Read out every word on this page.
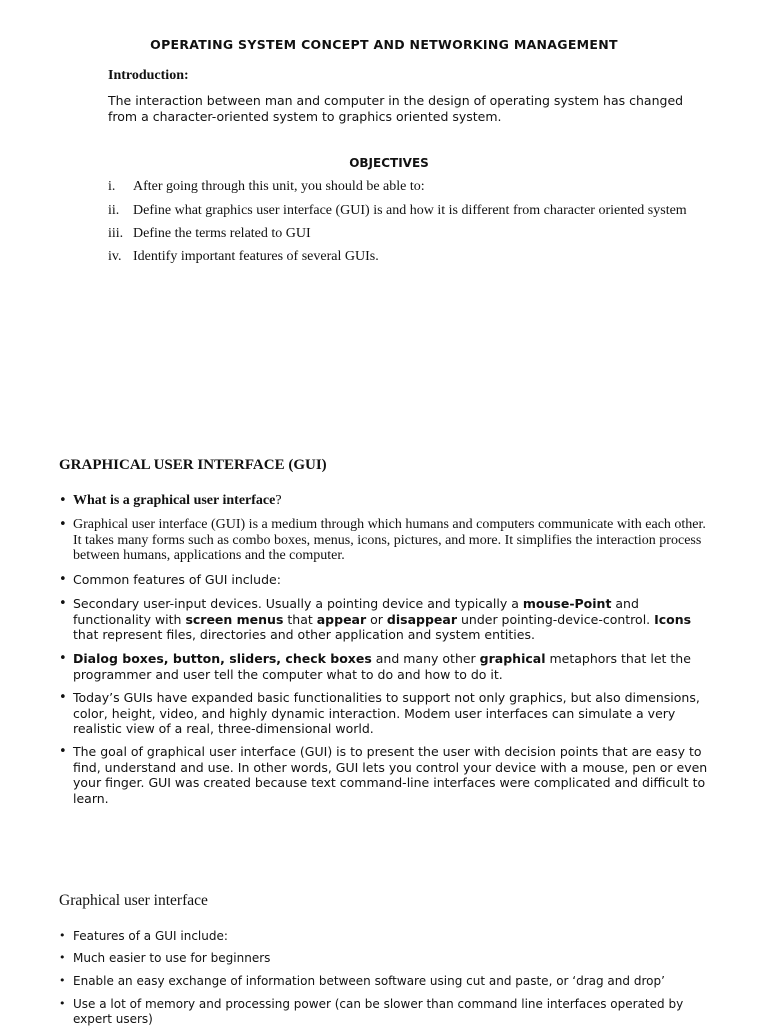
OPERATING SYSTEM CONCEPT AND NETWORKING MANAGEMENT
Introduction:
The interaction between man and computer in the design of operating system has changed from a character-oriented system to graphics oriented system.
OBJECTIVES
i. After going through this unit, you should be able to:
ii. Define what graphics user interface (GUI) is and how it is different from character oriented system
iii. Define the terms related to GUI
iv. Identify important features of several GUIs.
GRAPHICAL USER INTERFACE (GUI)
• What is a graphical user interface?
• Graphical user interface (GUI) is a medium through which humans and computers communicate with each other. It takes many forms such as combo boxes, menus, icons, pictures, and more. It simplifies the interaction process between humans, applications and the computer.
• Common features of GUI include:
• Secondary user-input devices. Usually a pointing device and typically a mouse-Point and functionality with screen menus that appear or disappear under pointing-device-control. Icons that represent files, directories and other application and system entities.
• Dialog boxes, button, sliders, check boxes and many other graphical metaphors that let the programmer and user tell the computer what to do and how to do it.
• Today’s GUIs have expanded basic functionalities to support not only graphics, but also dimensions, color, height, video, and highly dynamic interaction. Modem user interfaces can simulate a very realistic view of a real, three-dimensional world.
• The goal of graphical user interface (GUI) is to present the user with decision points that are easy to find, understand and use. In other words, GUI lets you control your device with a mouse, pen or even your finger. GUI was created because text command-line interfaces were complicated and difficult to learn.
Graphical user interface
• Features of a GUI include:
• Much easier to use for beginners
• Enable an easy exchange of information between software using cut and paste, or ‘drag and drop’
• Use a lot of memory and processing power (can be slower than command line interfaces operated by expert users)
